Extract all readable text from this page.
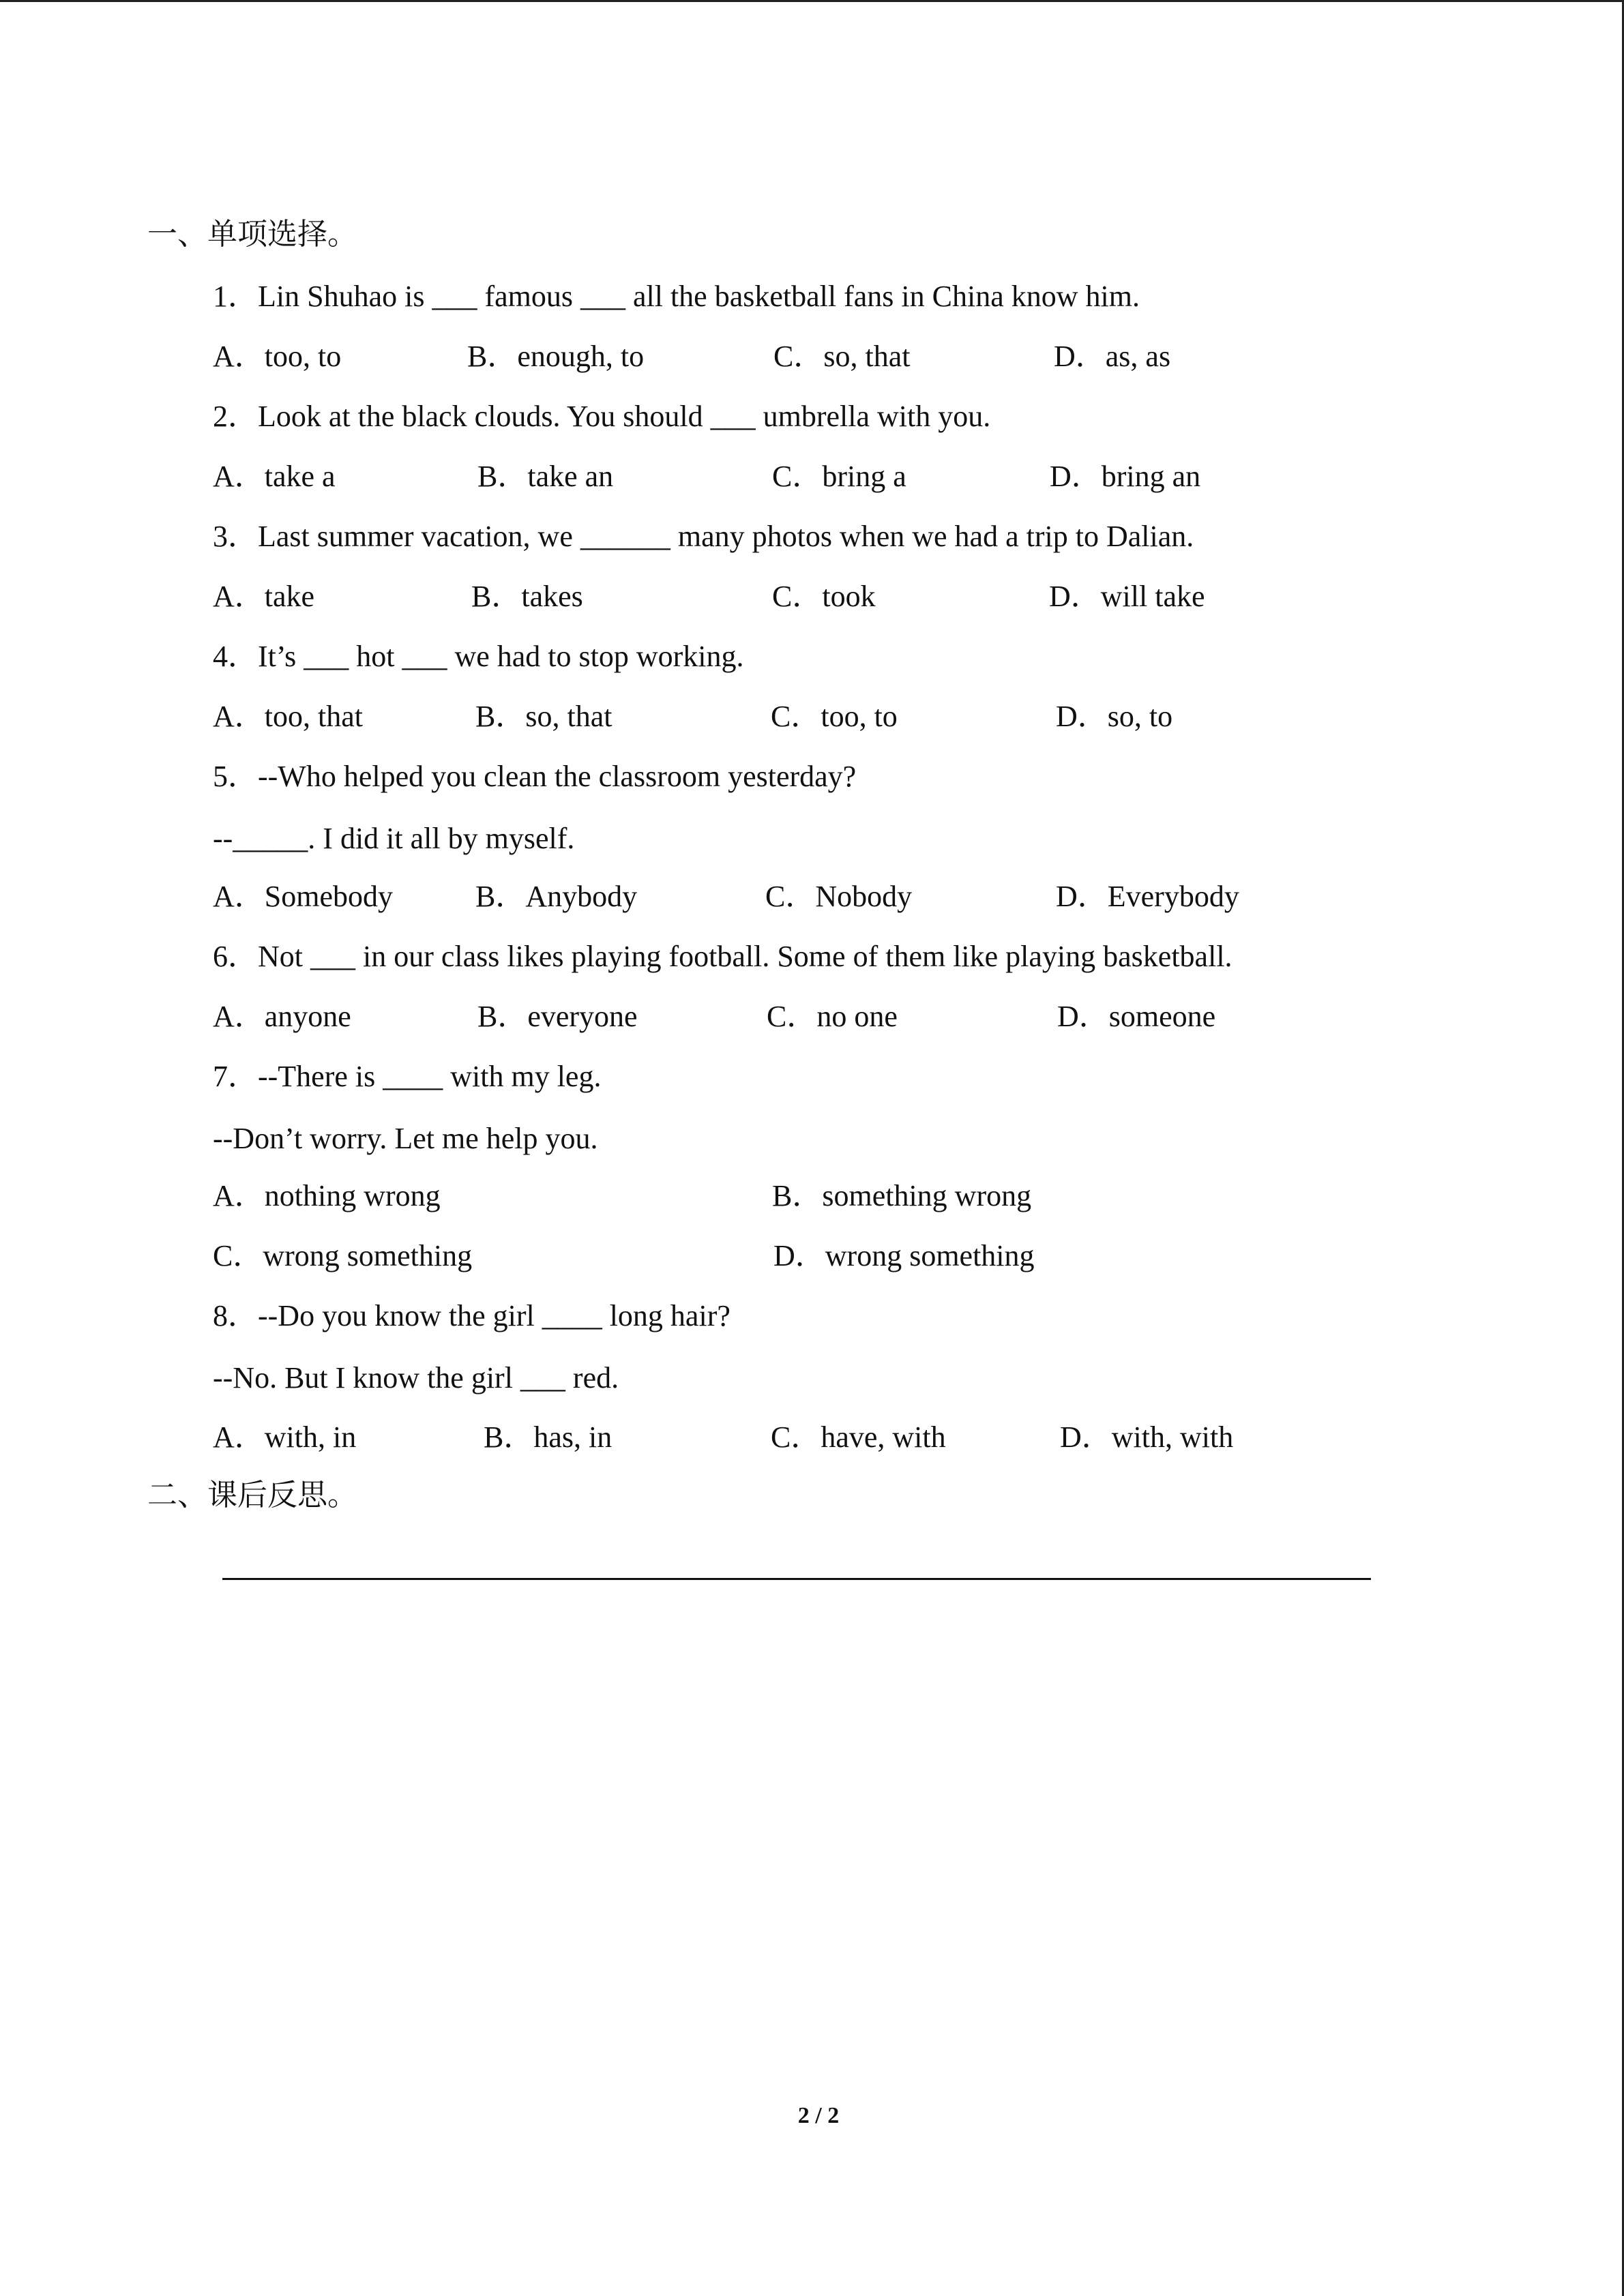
一、单项选择。
1．Lin Shuhao is ___ famous ___ all the basketball fans in China know him.
A．too, to	B．enough, to	C．so, that	D．as, as
2．Look at the black clouds. You should ___ umbrella with you.
A．take a	B．take an	C．bring a	D．bring an
3．Last summer vacation, we ______ many photos when we had a trip to Dalian.
A．take	B．takes	C．took	D．will take
4．It’s ___ hot ___ we had to stop working.
A．too, that	B．so, that	C．too, to	D．so, to
5．--Who helped you clean the classroom yesterday?
--_____. I did it all by myself.
A．Somebody	B．Anybody	C．Nobody	D．Everybody
6．Not ___ in our class likes playing football. Some of them like playing basketball.
A．anyone	B．everyone	C．no one	D．someone
7．--There is ____ with my leg.
--Don’t worry. Let me help you.
A．nothing wrong	B．something wrong
C．wrong something	D．wrong something
8．--Do you know the girl ____ long hair?
--No. But I know the girl ___ red.
A．with, in	B．has, in	C．have, with	D．with, with
二、课后反思。
2 / 2
